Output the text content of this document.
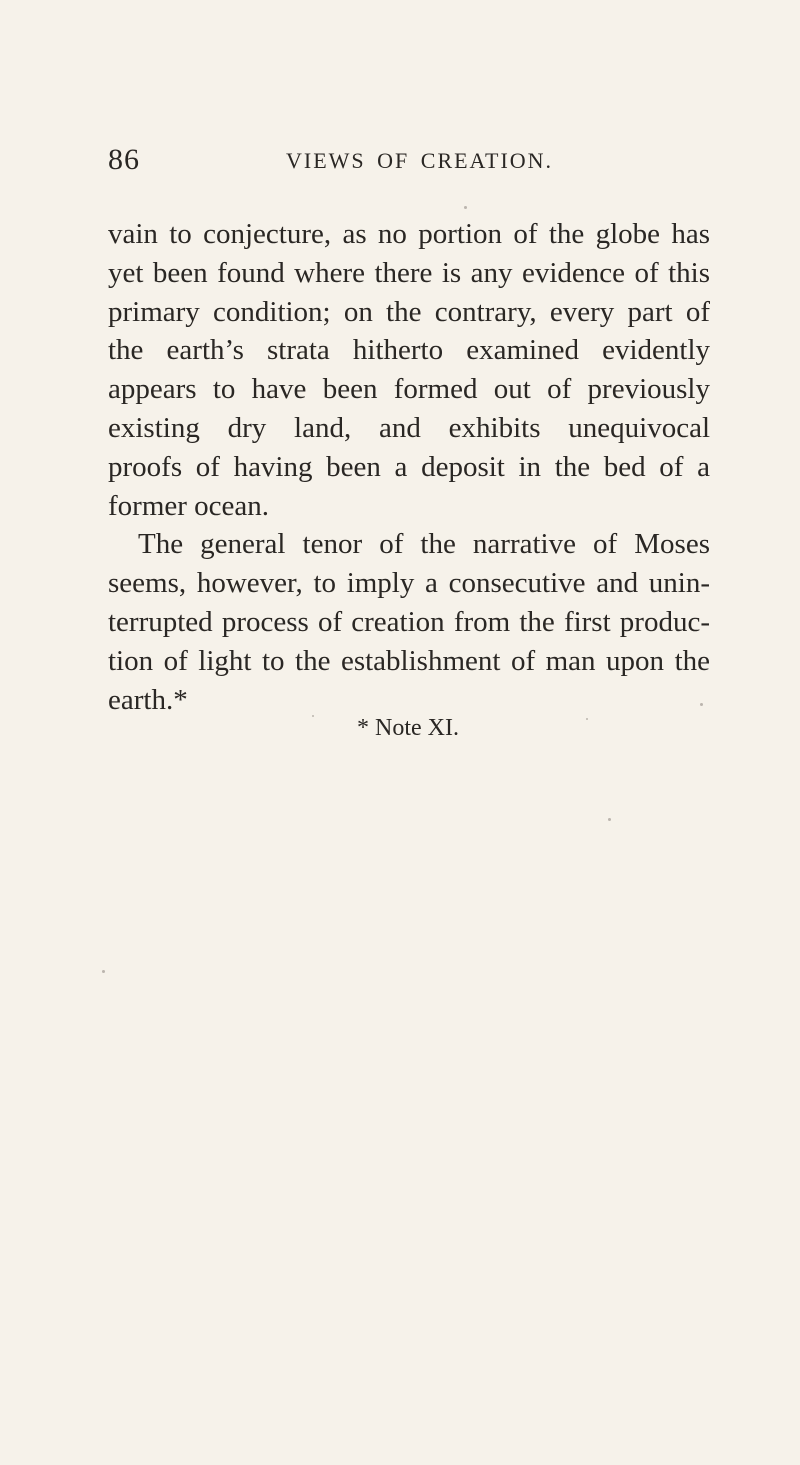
86	VIEWS OF CREATION.
vain to conjecture, as no portion of the globe has
yet been found where there is any evidence of this
primary condition; on the contrary, every part of
the earth’s strata hitherto examined evidently
appears to have been formed out of previously
existing dry land, and exhibits unequivocal
proofs of having been a deposit in the bed of a
former ocean.
The general tenor of the narrative of Moses
seems, however, to imply a consecutive and unin-
terrupted process of creation from the first produc-
tion of light to the establishment of man upon the
earth.*
* Note XI.
